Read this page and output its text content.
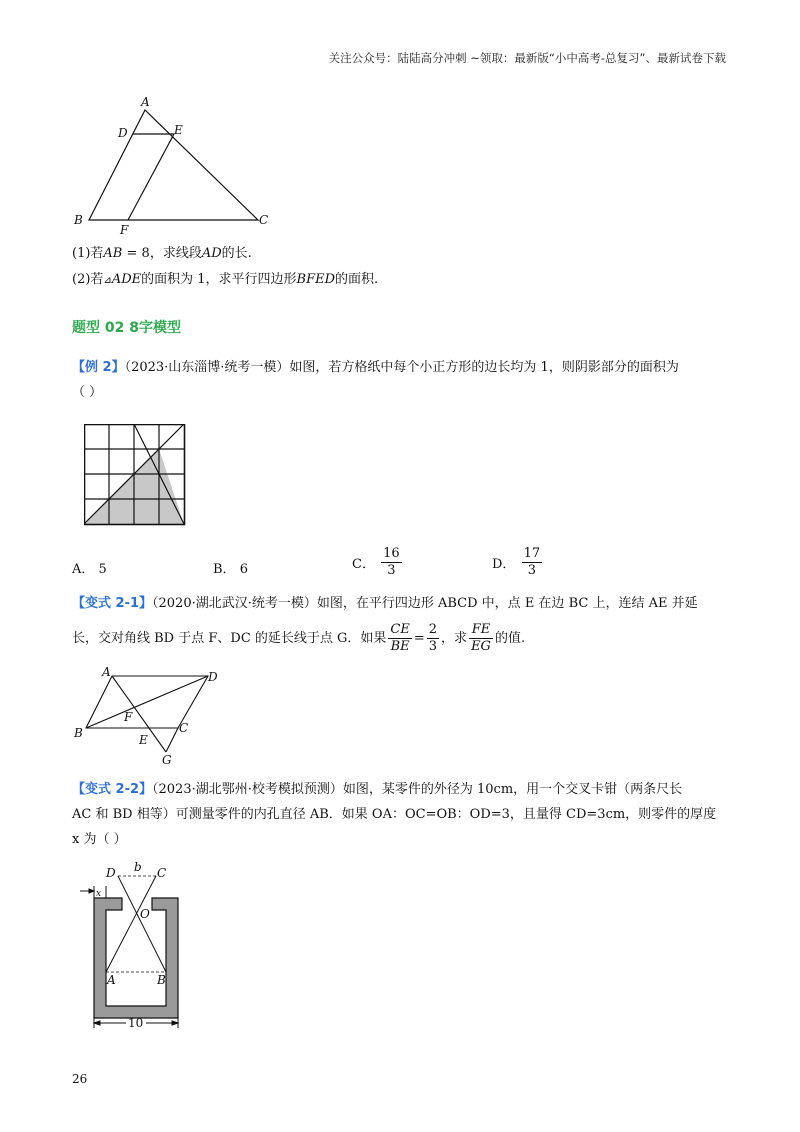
关注公众号：陆陆高分冲刺 ~领取：最新版“小中高考-总复习”、最新试卷下载
A
D	E
B
F
C
(1)若AB = 8，求线段AD的长.
(2)若⊿ADE的面积为 1，求平行四边形BFED的面积.
题型 02 8字模型
【例 2】（2023·山东淄博·统考一模）如图，若方格纸中每个小正方形的边长均为 1，则阴影部分的面积为
（ ）
A． 5	B． 6	C． $\frac{16}{3}$	D． $\frac{17}{3}$
【变式 2-1】（2020·湖北武汉·统考一模）如图，在平行四边形 ABCD 中，点 E 在边 BC 上，连结 AE 并延
长，交对角线 BD 于点 F、DC 的延长线于点 G．如果 $\frac{CE}{BE} = \frac{2}{3}$ ，求 $\frac{FE}{EG}$ 的值.
A	D
F
B	E
C
G
【变式 2-2】（2023·湖北鄂州·校考模拟预测）如图，某零件的外径为 10cm，用一个交叉卡钳（两条尺长
AC 和 BD 相等）可测量零件的内孔直径 AB．如果 OA：OC=OB：OD=3，且量得 CD=3cm，则零件的厚度
x 为（ ）
D b C
x
O
A	B
10
26
